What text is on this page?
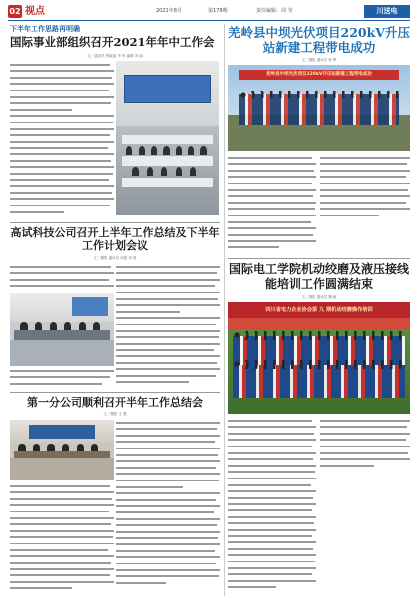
02 视点	2021年8月	第178期	责任编辑：周 莹	川送电
下半年工作思路再明确
国际事业部组织召开2021年年中工作会
文／通讯员 程晓丽 李 军 编辑 刘 丽
高试科技公司召开上半年工作总结及下半年工作计划会议
文／摄影 通讯员 何超 刘 莉
第一分公司顺利召开半年工作总结会
文／摄影 王 磊
羌岭县中坝光伏项目220kV升压站新建工程带电成功
文／摄影 通讯员 张 辉
羌岭县中坝光伏项目220kV升压站新建工程带电成功
国际电工学院机动绞磨及液压接线能培训工作圆满结束
文／摄影 通讯员 魏 敏
四川省电力企业协会第 九 期机动绞磨操作培训
